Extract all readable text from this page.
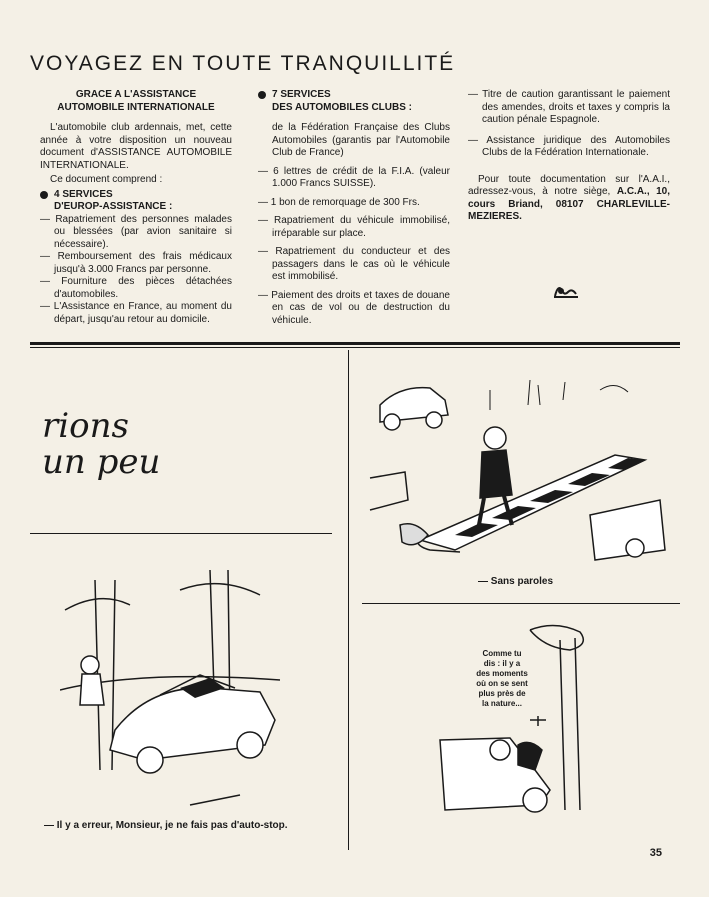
VOYAGEZ EN TOUTE TRANQUILLITÉ

GRACE A L'ASSISTANCE

AUTOMOBILE INTERNATIONALE

L'automobile club ardennais, met, cette année à votre disposition un nouveau document d'ASSISTANCE AUTOMOBILE INTERNATIONALE.

Ce document comprend :

4 SERVICES
D'EUROP-ASSISTANCE :

— Rapatriement des personnes malades ou blessées (par avion sanitaire si nécessaire).

— Remboursement des frais médicaux jusqu'à 3.000 Francs par personne.

— Fourniture des pièces détachées d'automobiles.

— L'Assistance en France, au moment du départ, jusqu'au retour au domicile.

7 SERVICES
DES AUTOMOBILES CLUBS :

de la Fédération Française des Clubs Automobiles (garantis par l'Automobile Club de France)

— 6 lettres de crédit de la F.I.A. (valeur 1.000 Francs SUISSE).

— 1 bon de remorquage de 300 Frs.

— Rapatriement du véhicule immobilisé, irréparable sur place.

— Rapatriement du conducteur et des passagers dans le cas où le véhicule est immobilisé.

— Paiement des droits et taxes de douane en cas de vol ou de destruction du véhicule.

— Titre de caution garantissant le paiement des amendes, droits et taxes y compris la caution pénale Espagnole.

— Assistance juridique des Automobiles Clubs de la Fédération Internationale.

Pour toute documentation sur l'A.A.I., adressez-vous, à notre siège, A.C.A., 10, cours Briand, 08107 CHARLEVILLE-MEZIERES.

rions
un peu
— Sans paroles
— Il y a erreur, Monsieur, je ne fais pas d'auto-stop.
Comme tu
dis : il y a
des moments
où on se sent
plus près de
la nature...
35
